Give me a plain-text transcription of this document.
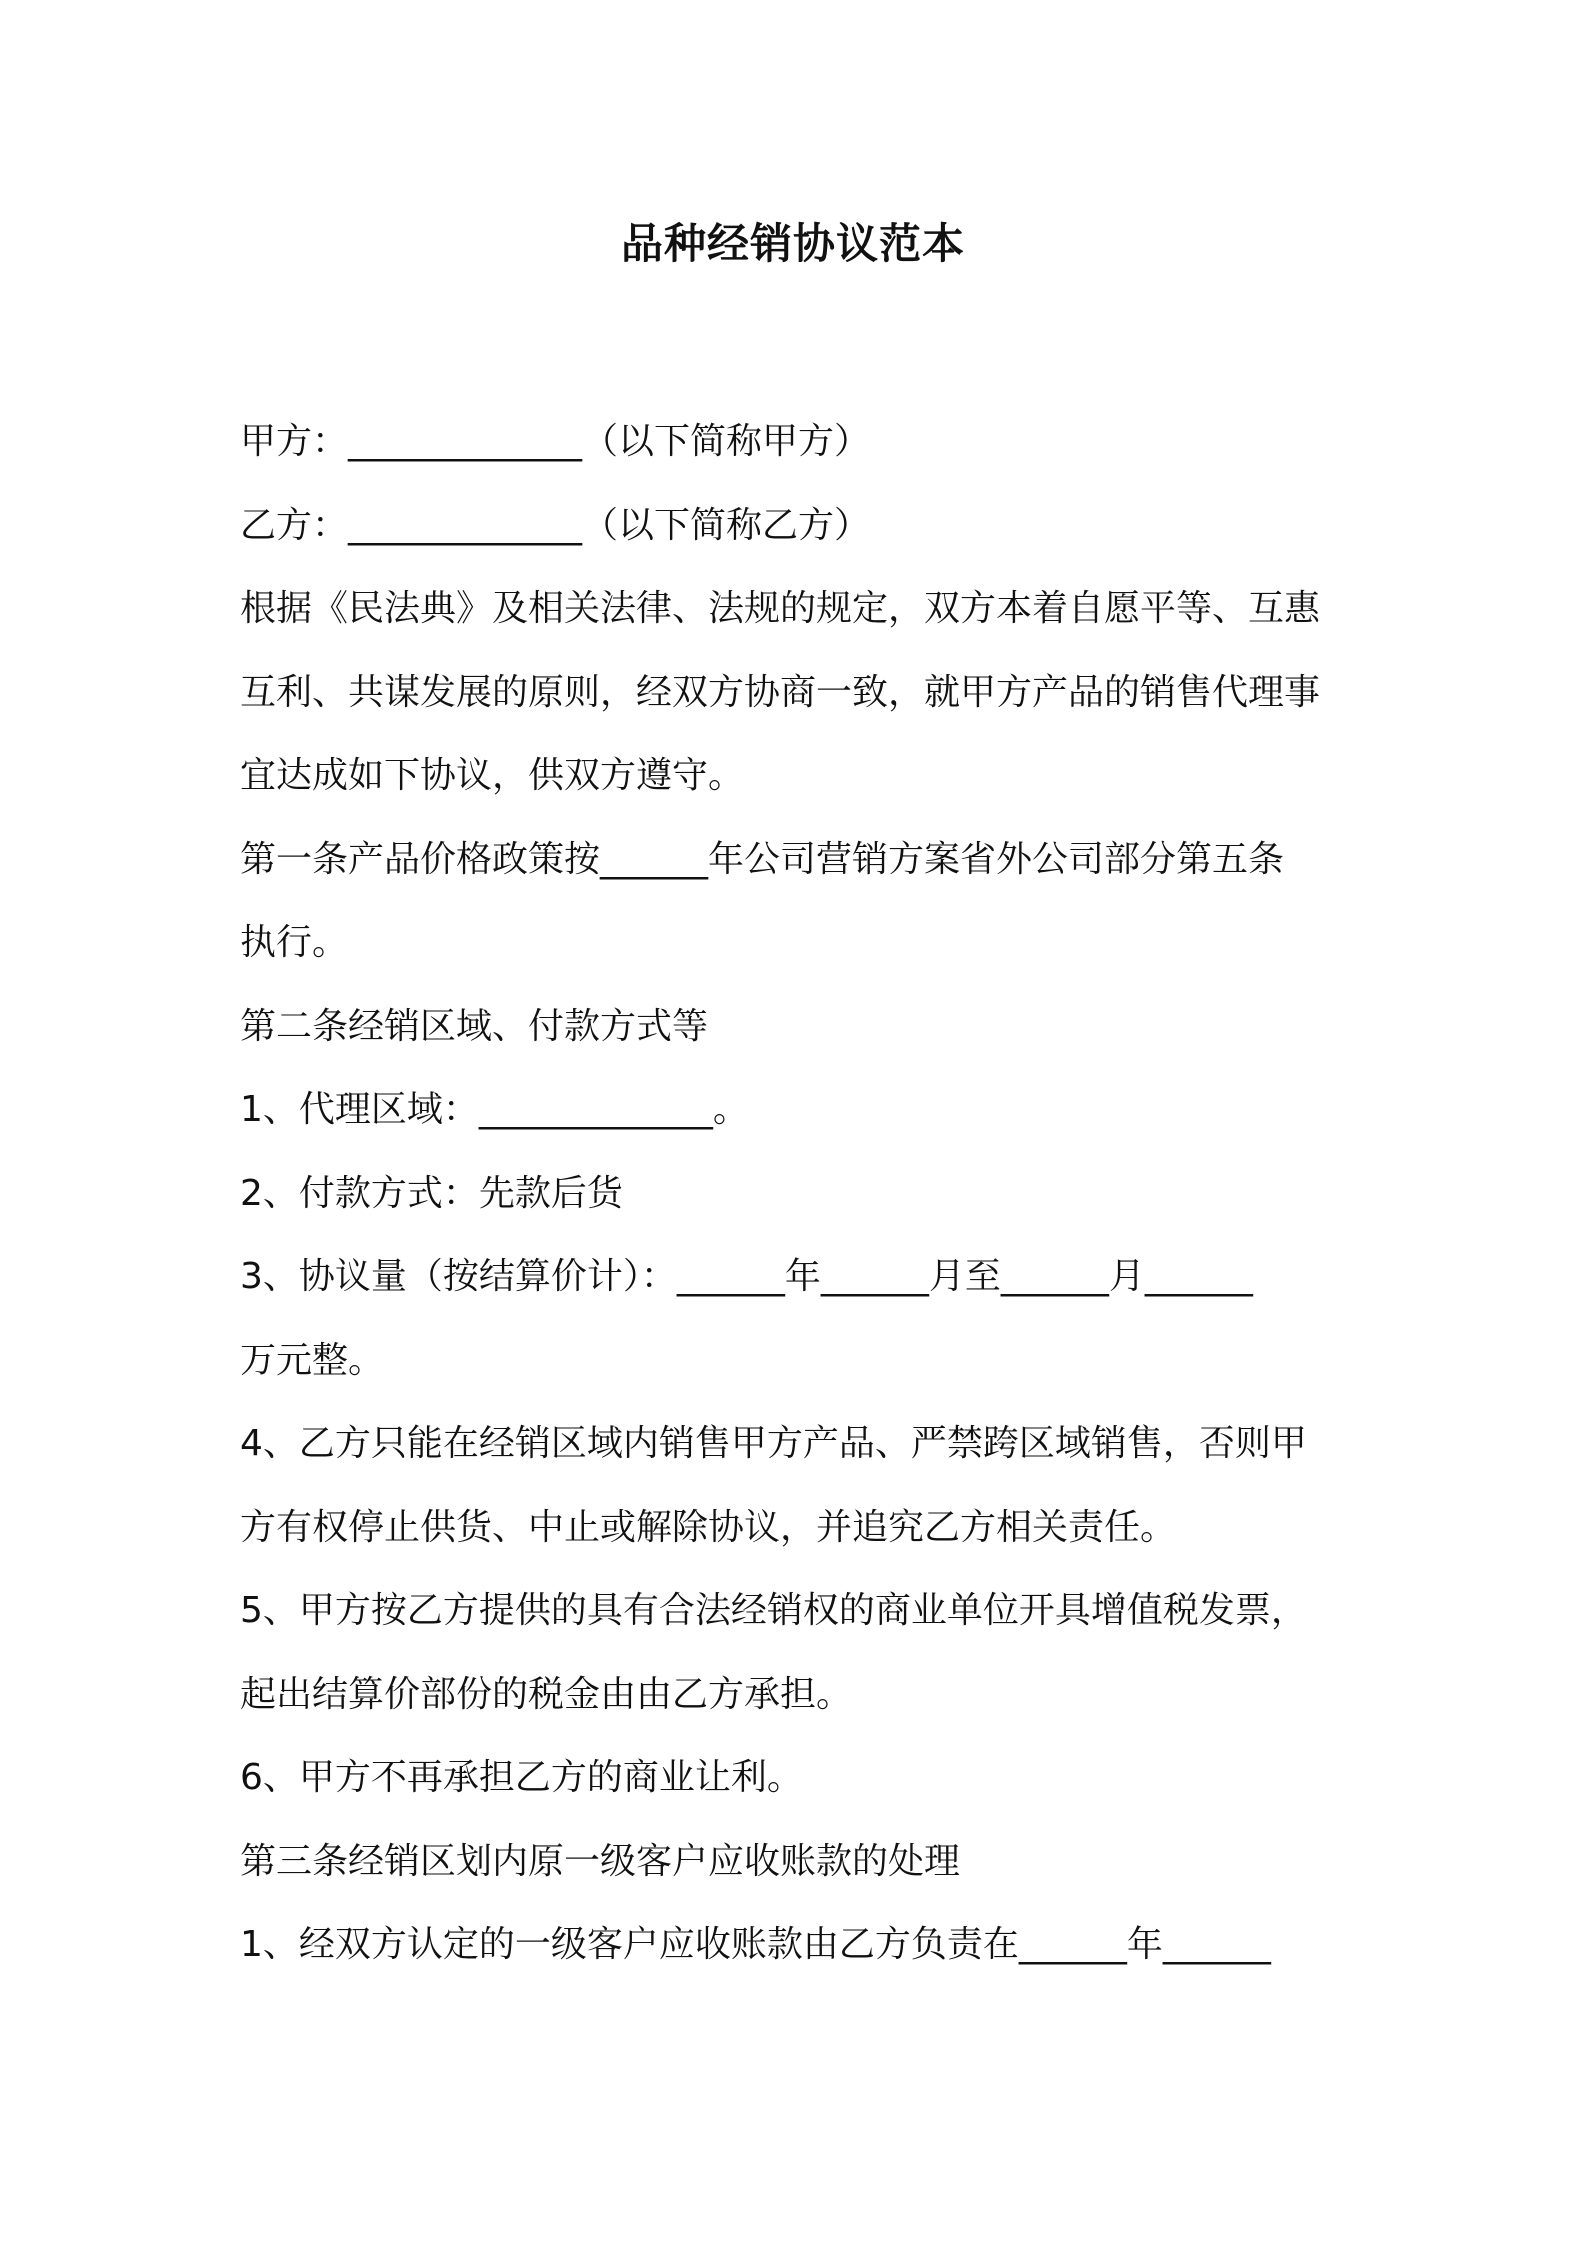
品种经销协议范本

甲方：_____________（以下简称甲方）

乙方：_____________（以下简称乙方）

根据《民法典》及相关法律、法规的规定，双方本着自愿平等、互惠

互利、共谋发展的原则，经双方协商一致，就甲方产品的销售代理事

宜达成如下协议，供双方遵守。

第一条产品价格政策按______年公司营销方案省外公司部分第五条

执行。

第二条经销区域、付款方式等

1、代理区域：_____________。

2、付款方式：先款后货

3、协议量（按结算价计）：______年______月至______月______

万元整。

4、乙方只能在经销区域内销售甲方产品、严禁跨区域销售，否则甲

方有权停止供货、中止或解除协议，并追究乙方相关责任。

5、甲方按乙方提供的具有合法经销权的商业单位开具增值税发票，

起出结算价部份的税金由由乙方承担。

6、甲方不再承担乙方的商业让利。

第三条经销区划内原一级客户应收账款的处理

1、经双方认定的一级客户应收账款由乙方负责在______年______
